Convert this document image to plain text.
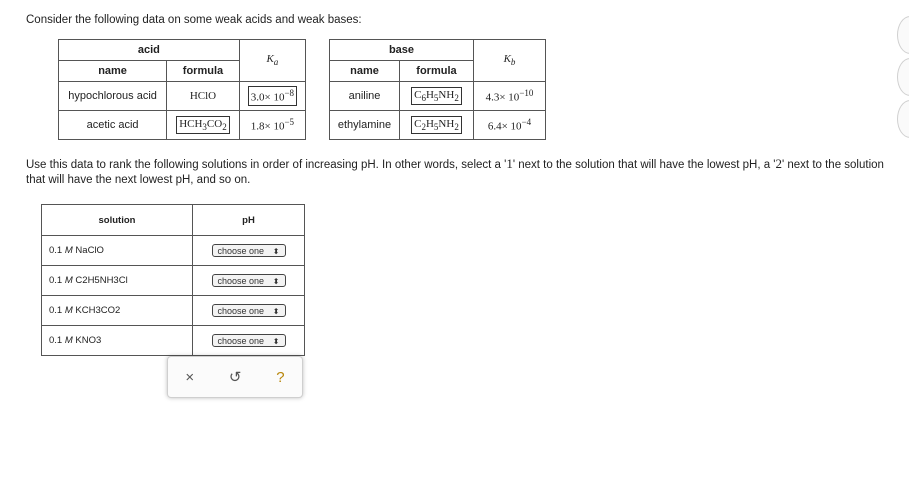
Consider the following data on some weak acids and weak bases:
acid		$K_a$
name	formula	
hypochlorous acid	HClO	$3.0\times 10^{-8}$
acetic acid	$HCH_3CO_2$	$1.8\times 10^{-5}$
base		$K_b$
name	formula	
aniline	$C_6H_5NH_2$	$4.3\times 10^{-10}$
ethylamine	$C_2H_5NH_2$	$6.4\times 10^{-4}$
Use this data to rank the following solutions in order of increasing pH. In other words, select a '1' next to the solution that will have the lowest pH, a '2' next to the solution that will have the next lowest pH, and so on.
solution	pH
0.1 M NaClO	choose one ⬍

0.1 M C2H5NH3Cl	choose one ⬍

0.1 M KCH3CO2	choose one ⬍

0.1 M KNO3	choose one ⬍
× ↺ ?
